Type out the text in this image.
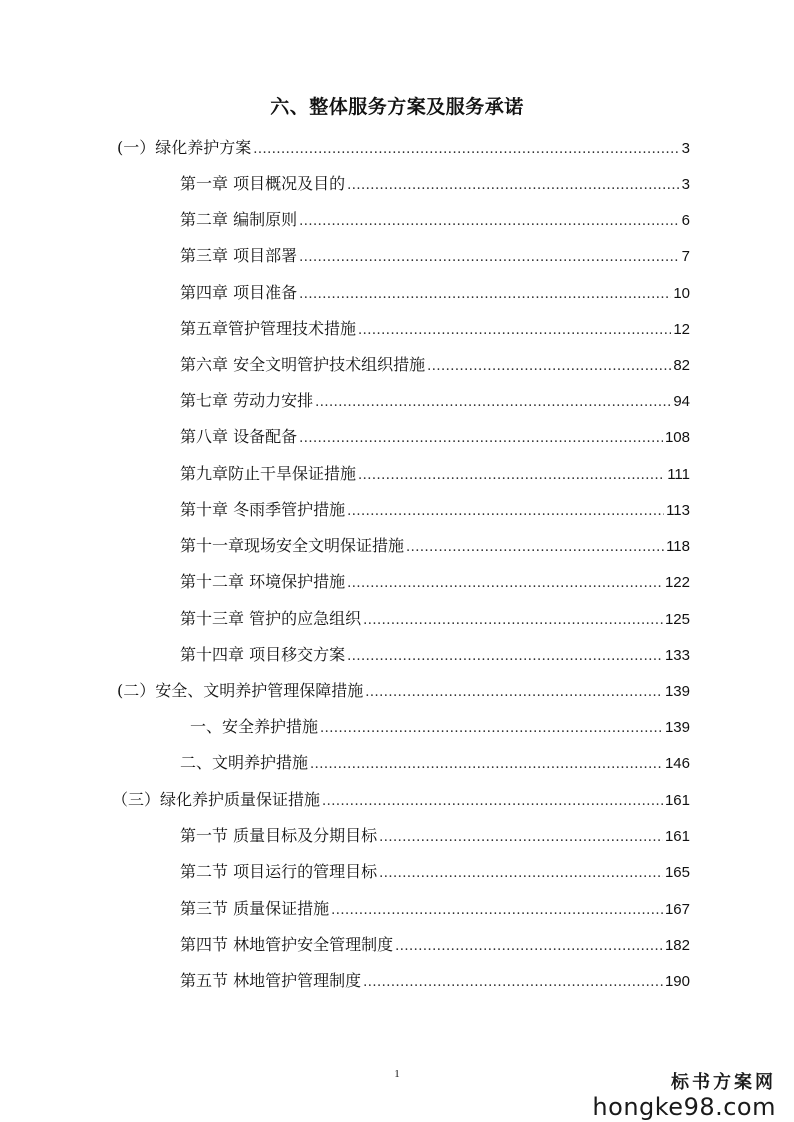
六、整体服务方案及服务承诺
(一）绿化养护方案 .....	3
第一章 项目概况及目的 .....	3
第二章 编制原则 .....	6
第三章 项目部署 .....	7
第四章 项目准备 .....	10
第五章管护管理技术措施 .....	12
第六章 安全文明管护技术组织措施 .....	82
第七章 劳动力安排 .....	94
第八章 设备配备 .....	108
第九章防止干旱保证措施 .....	111
第十章 冬雨季管护措施 .....	113
第十一章现场安全文明保证措施 .....	118
第十二章 环境保护措施 .....	122
第十三章 管护的应急组织 .....	125
第十四章 项目移交方案 .....	133
(二）安全、文明养护管理保障措施 .....	139
一、安全养护措施 .....	139
二、文明养护措施 .....	146
（三）绿化养护质量保证措施 .....	161
第一节 质量目标及分期目标 .....	161
第二节 项目运行的管理目标 .....	165
第三节 质量保证措施 .....	167
第四节 林地管护安全管理制度 .....	182
第五节 林地管护管理制度 .....	190
1	标书方案网
hongke98.com
